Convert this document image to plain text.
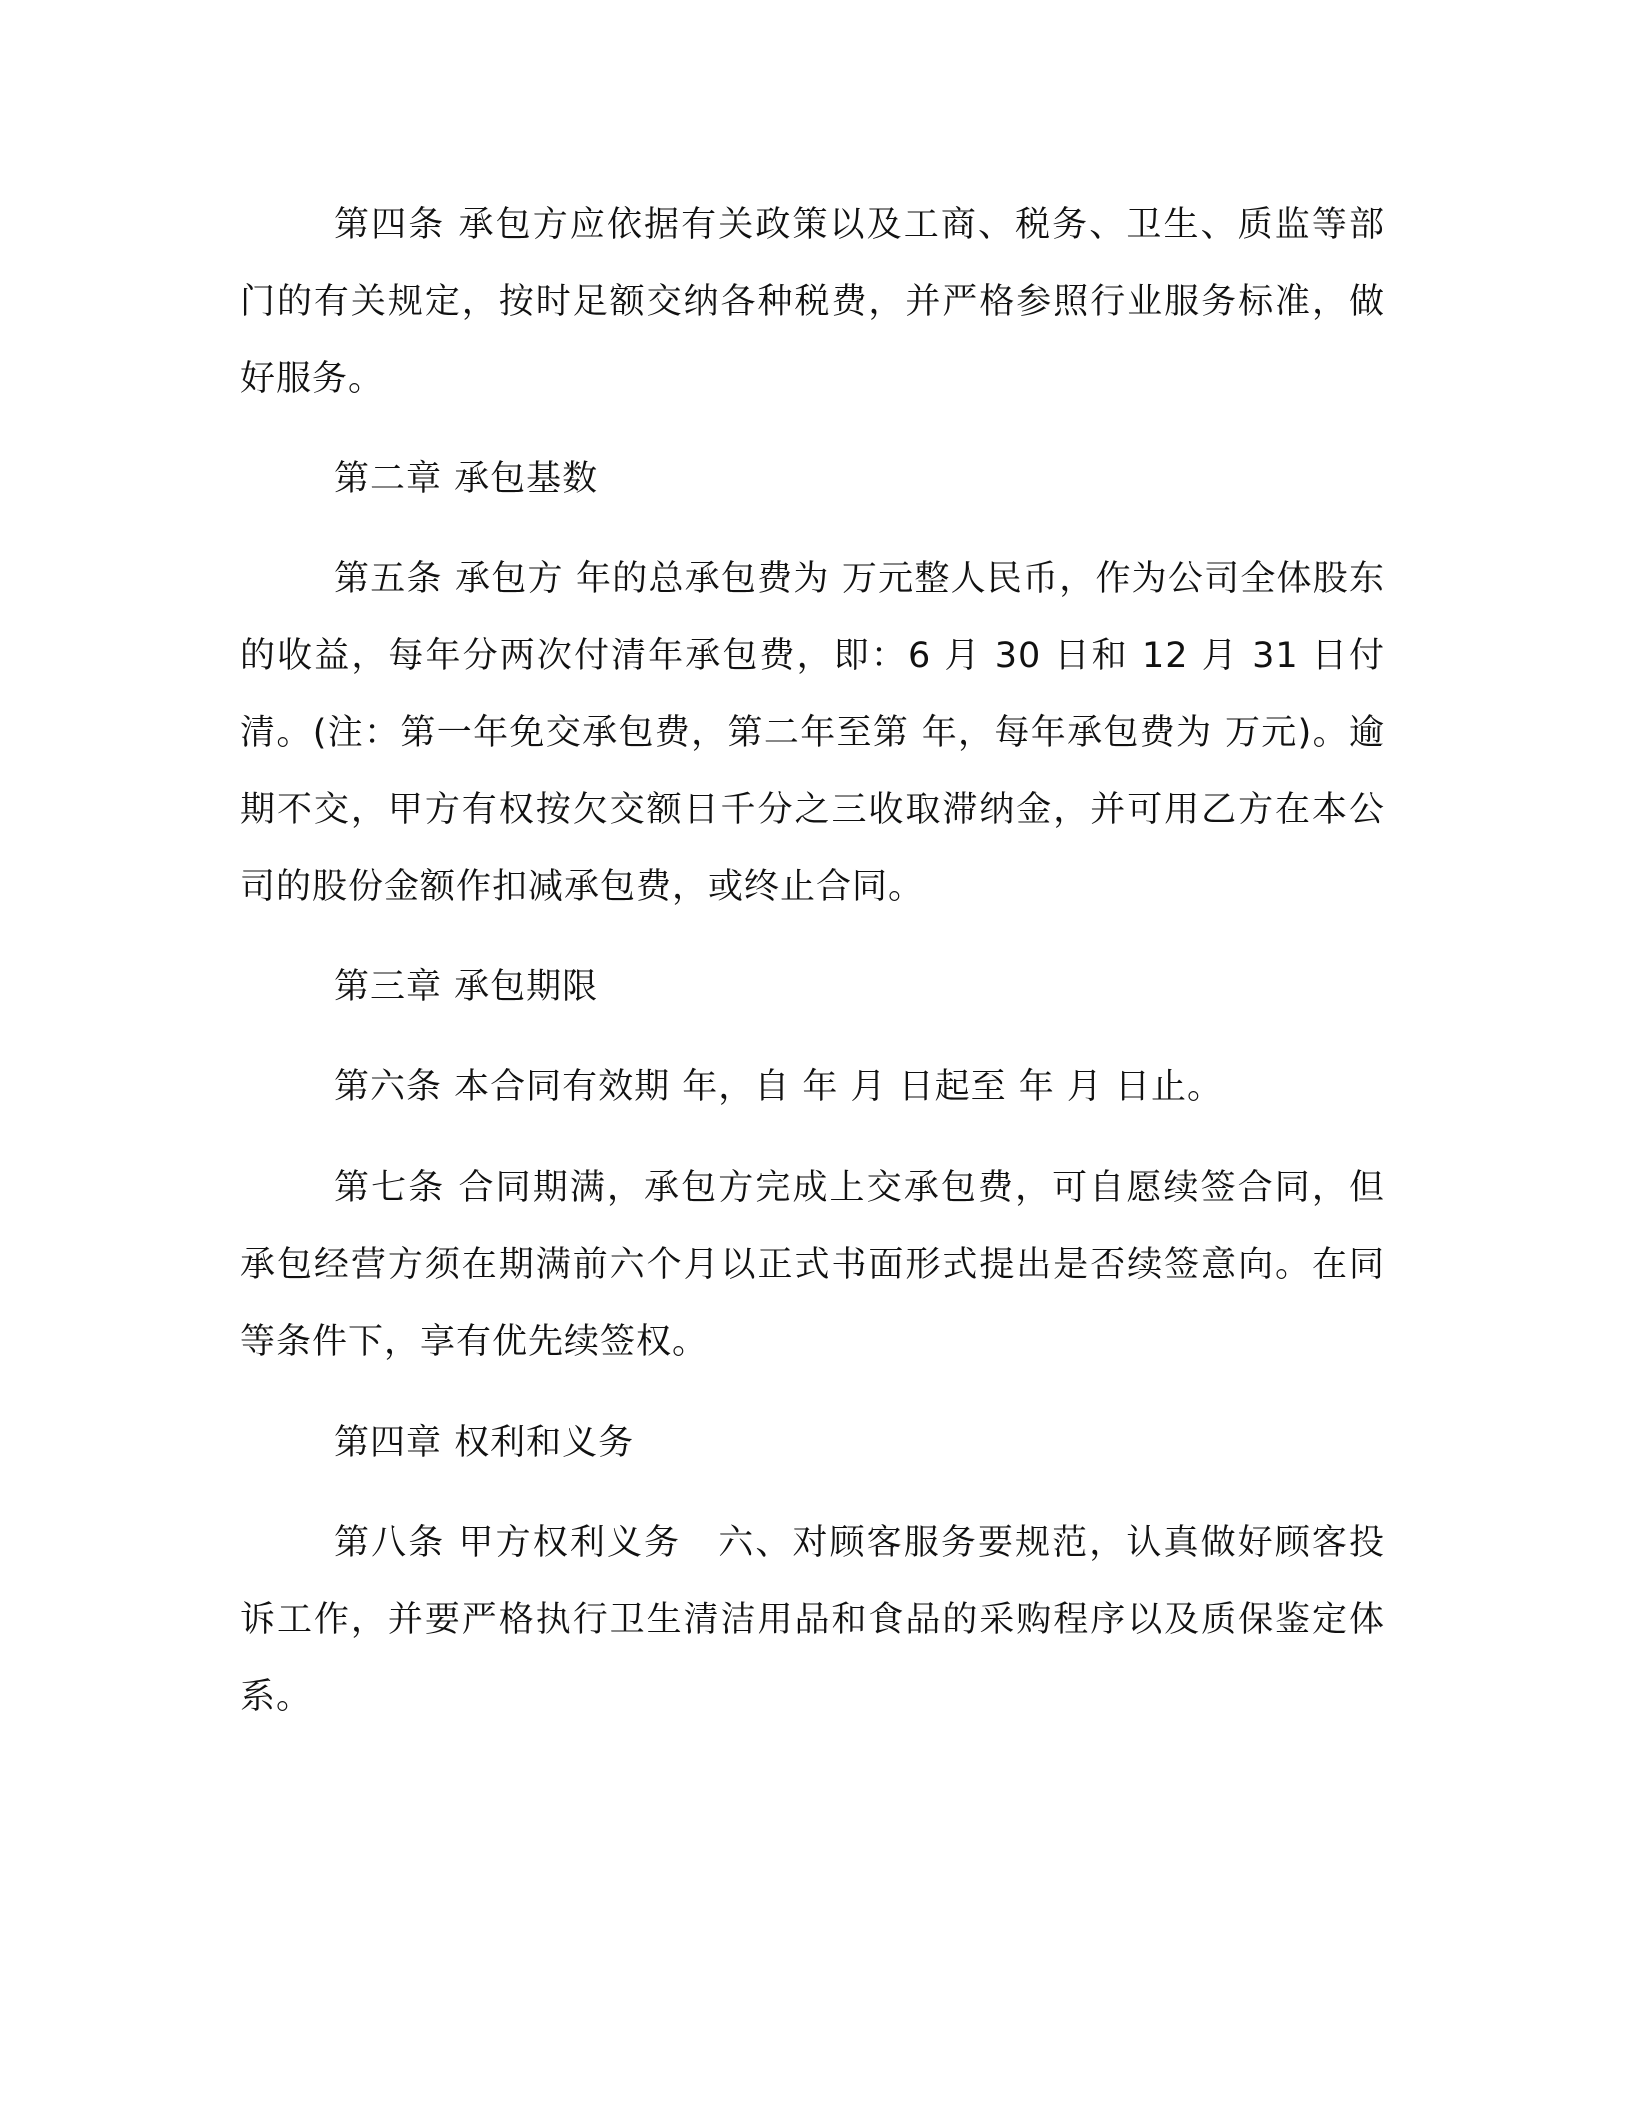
第四条 承包方应依据有关政策以及工商、税务、卫生、质监等部门的有关规定，按时足额交纳各种税费，并严格参照行业服务标准，做好服务。

第二章 承包基数

第五条 承包方 年的总承包费为 万元整人民币，作为公司全体股东的收益，每年分两次付清年承包费，即：6 月 30 日和 12 月 31 日付清。(注：第一年免交承包费，第二年至第 年，每年承包费为 万元)。逾期不交，甲方有权按欠交额日千分之三收取滞纳金，并可用乙方在本公司的股份金额作扣减承包费，或终止合同。

第三章 承包期限

第六条 本合同有效期 年，自 年 月 日起至 年 月 日止。

第七条 合同期满，承包方完成上交承包费，可自愿续签合同，但承包经营方须在期满前六个月以正式书面形式提出是否续签意向。在同等条件下，享有优先续签权。

第四章 权利和义务

第八条 甲方权利义务　六、对顾客服务要规范，认真做好顾客投诉工作，并要严格执行卫生清洁用品和食品的采购程序以及质保鉴定体系。
